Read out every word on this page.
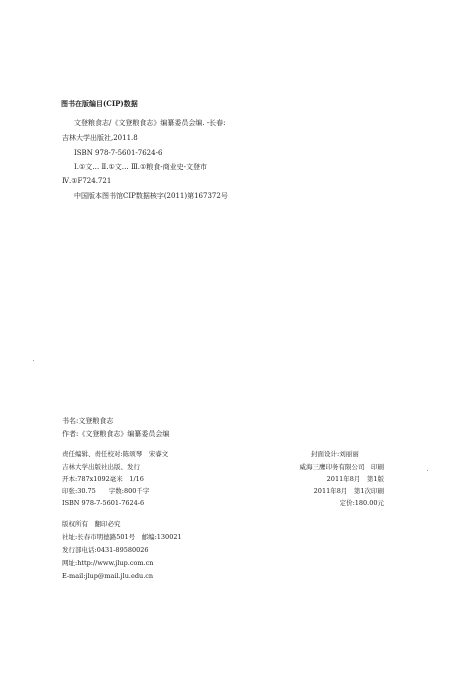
图书在版编目(CIP)数据
文登粮食志/《文登粮食志》编纂委员会编. -长春:
吉林大学出版社,2011.8
ISBN 978-7-5601-7624-6
Ⅰ.①文… Ⅱ.①文… Ⅲ.①粮食-商业史-文登市
Ⅳ.①F724.721
中国版本图书馆CIP数据核字(2011)第167372号
书名:文登粮食志
作者:《文登粮食志》编纂委员会编
责任编辑、责任校对:陈颂琴　宋睿文	封面设计:刘丽丽
吉林大学出版社出版、发行	威海三鹰印务有限公司　印刷
开本:787x1092毫米　1/16	2011年8月　第1版
印张:30.75　　字数:800千字	2011年8月　第1次印刷
ISBN 978-7-5601-7624-6	定价:180.00元
版权所有　翻印必究
社址:长春市明德路501号　邮编:130021
发行部电话:0431-89580026
网址:http://www.jlup.com.cn
E-mail:jlup@mail.jlu.edu.cn
